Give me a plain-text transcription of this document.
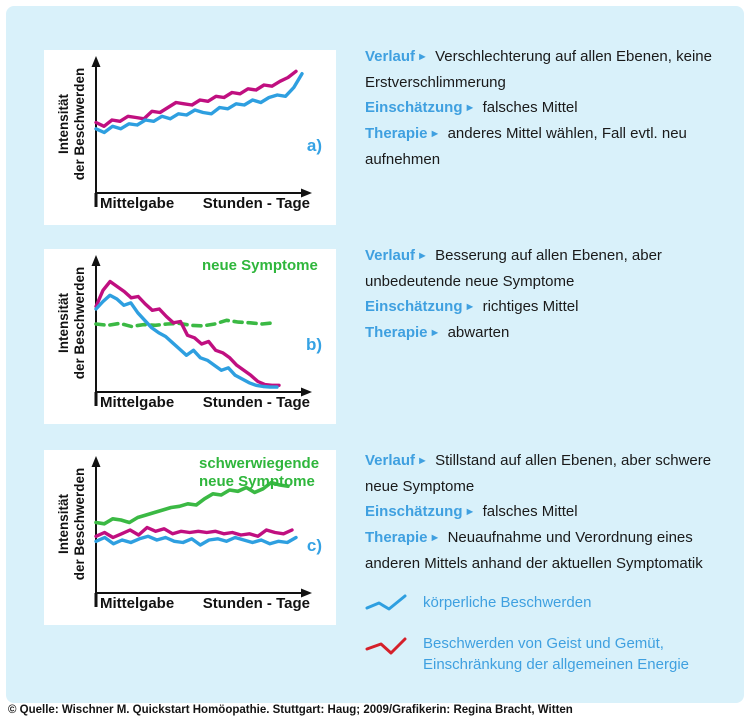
Intensität der Beschwerden
Mittelgabe Stunden - Tage
a)
Intensität der Beschwerden
Mittelgabe Stunden - Tage
b)
neue Symptome
Intensität der Beschwerden
Mittelgabe Stunden - Tage
c)
schwerwiegende
neue Symptome

Verlauf ► Verschlechterung auf allen Ebenen, keine Erstverschlimmerung

Einschätzung ► falsches Mittel

Therapie ► anderes Mittel wählen, Fall evtl. neu aufnehmen

Verlauf ► Besserung auf allen Ebenen, aber unbedeutende neue Symptome

Einschätzung ► richtiges Mittel

Therapie ► abwarten

Verlauf ► Stillstand auf allen Ebenen, aber schwere neue Symptome

Einschätzung ► falsches Mittel

Therapie ► Neuaufnahme und Verordnung eines anderen Mittels anhand der aktuellen Symptomatik

körperliche Beschwerden
Beschwerden von Geist und Gemüt, Einschränkung der allgemeinen Energie
© Quelle: Wischner M. Quickstart Homöopathie. Stuttgart: Haug; 2009/Grafikerin: Regina Bracht, Witten
